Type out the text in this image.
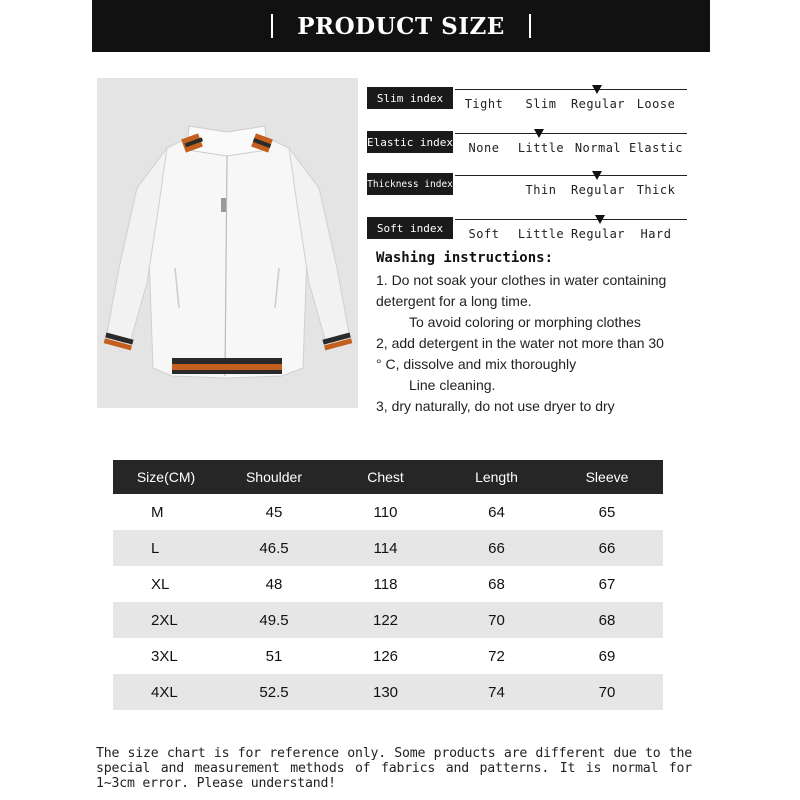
PRODUCT SIZE
Slim index	Tight	Slim	Regular Loose
Elastic index	None	Little Normal Elastic
Thickness index	Thin	Regular Thick
Soft index	Soft	Little Regular	Hard
Washing instructions:
1. Do not soak your clothes in water containing
detergent for a long time.
To avoid coloring or morphing clothes
2, add detergent in the water not more than 30
° C, dissolve and mix thoroughly
Line cleaning.
3, dry naturally, do not use dryer to dry
Size(CM)	Shoulder	Chest	Length	Sleeve
M	45	110	64	65
L	46.5	114	66	66
XL	48	118	68	67
2XL	49.5	122	70	68
3XL	51	126	72	69
4XL	52.5	130	74	70
The size chart is for reference only. Some products are different due to the special and measurement methods of fabrics and patterns. It is normal for 1~3cm error. Please understand!
